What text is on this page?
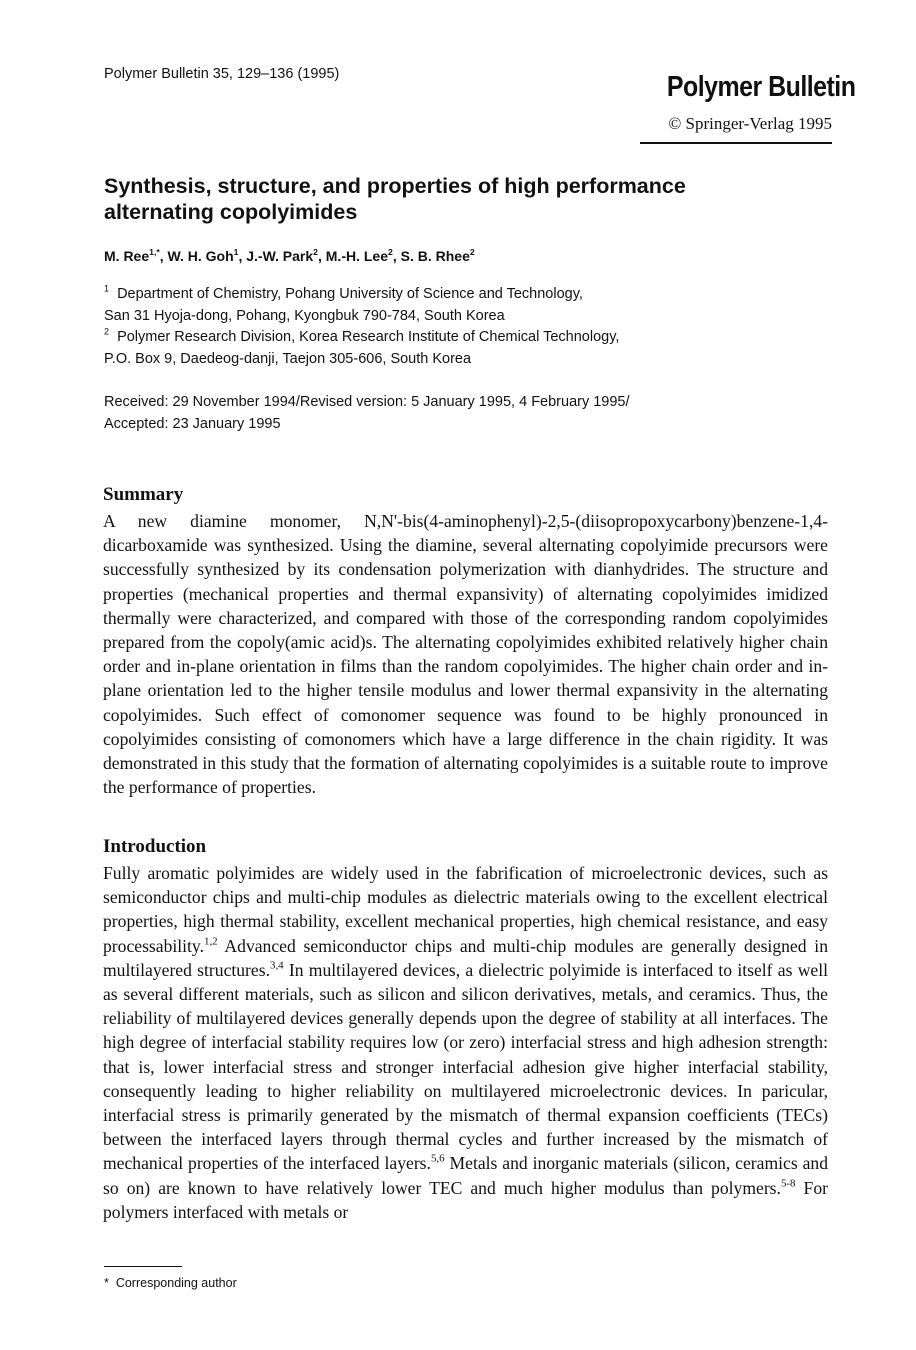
Polymer Bulletin 35, 129–136 (1995)	Polymer Bulletin
© Springer-Verlag 1995
Synthesis, structure, and properties of high performance alternating copolyimides
M. Ree$^{1,*}$, W. H. Goh$^1$, J.-W. Park$^2$, M.-H. Lee$^2$, S. B. Rhee$^2$
$^1$ Department of Chemistry, Pohang University of Science and Technology,
San 31 Hyoja-dong, Pohang, Kyongbuk 790-784, South Korea
$^2$ Polymer Research Division, Korea Research Institute of Chemical Technology,
P.O. Box 9, Daedeog-danji, Taejon 305-606, South Korea
Received: 29 November 1994/Revised version: 5 January 1995, 4 February 1995/
Accepted: 23 January 1995
Summary

A new diamine monomer, N,N'-bis(4-aminophenyl)-2,5-(diisopropoxycarbony)benzene-1,4-dicarboxamide was synthesized. Using the diamine, several alternating copolyimide precursors were successfully synthesized by its condensation polymerization with dianhydrides. The structure and properties (mechanical properties and thermal expansivity) of alternating copolyimides imidized thermally were characterized, and compared with those of the corresponding random copolyimides prepared from the copoly(amic acid)s. The alternating copolyimides exhibited relatively higher chain order and in-plane orientation in films than the random copolyimides. The higher chain order and in-plane orientation led to the higher tensile modulus and lower thermal expansivity in the alternating copolyimides. Such effect of comonomer sequence was found to be highly pronounced in copolyimides consisting of comonomers which have a large difference in the chain rigidity. It was demonstrated in this study that the formation of alternating copolyimides is a suitable route to improve the performance of properties.

Introduction

Fully aromatic polyimides are widely used in the fabrification of microelectronic devices, such as semiconductor chips and multi-chip modules as dielectric materials owing to the excellent electrical properties, high thermal stability, excellent mechanical properties, high chemical resistance, and easy processability.$^{1,2}$ Advanced semiconductor chips and multi-chip modules are generally designed in multilayered structures.$^{3,4}$ In multilayered devices, a dielectric polyimide is interfaced to itself as well as several different materials, such as silicon and silicon derivatives, metals, and ceramics. Thus, the reliability of multilayered devices generally depends upon the degree of stability at all interfaces. The high degree of interfacial stability requires low (or zero) interfacial stress and high adhesion strength: that is, lower interfacial stress and stronger interfacial adhesion give higher interfacial stability, consequently leading to higher reliability on multilayered microelectronic devices. In paricular, interfacial stress is primarily generated by the mismatch of thermal expansion coefficients (TECs) between the interfaced layers through thermal cycles and further increased by the mismatch of mechanical properties of the interfaced layers.$^{5,6}$ Metals and inorganic materials (silicon, ceramics and so on) are known to have relatively lower TEC and much higher modulus than polymers.$^{5-8}$ For polymers interfaced with metals or

* Corresponding author
